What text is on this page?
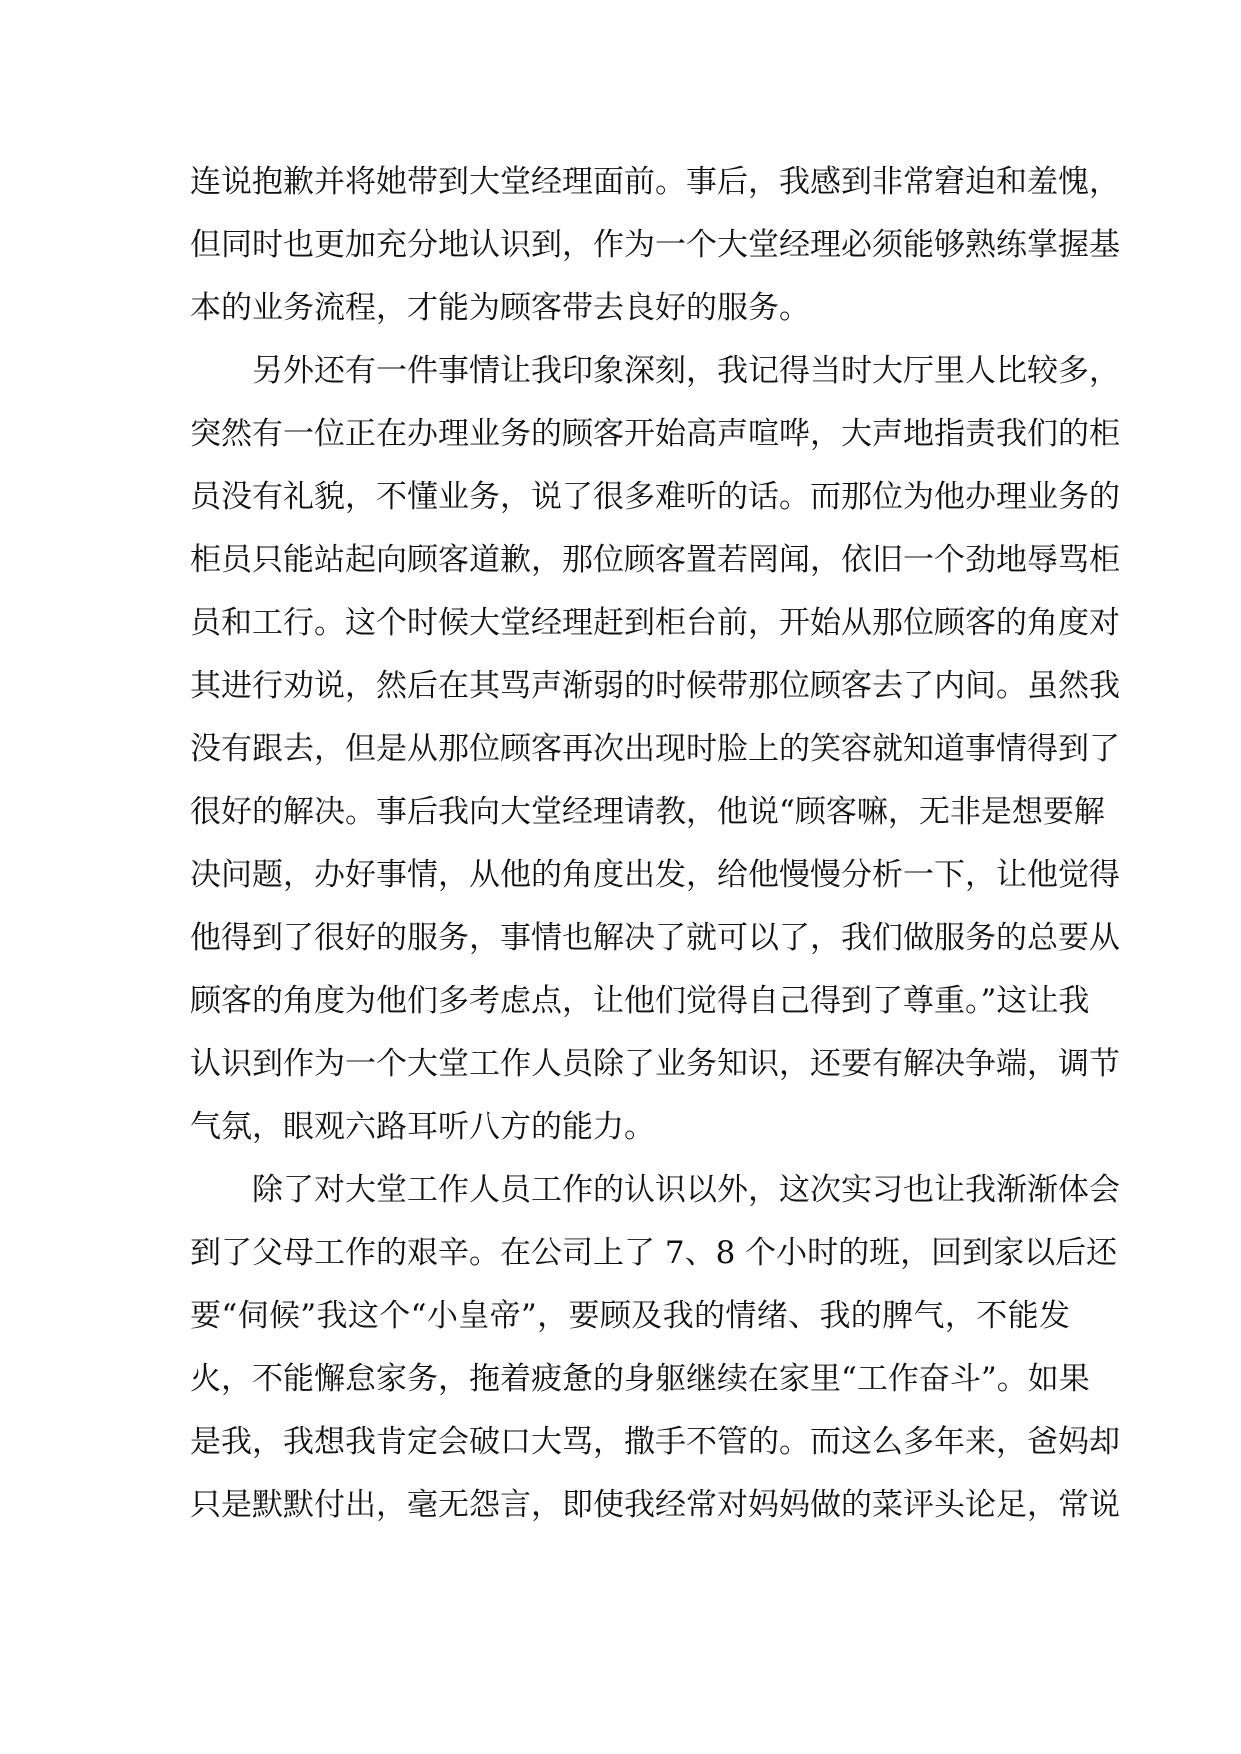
连说抱歉并将她带到大堂经理面前。事后，我感到非常窘迫和羞愧，
但同时也更加充分地认识到，作为一个大堂经理必须能够熟练掌握基
本的业务流程，才能为顾客带去良好的服务。
另外还有一件事情让我印象深刻，我记得当时大厅里人比较多，
突然有一位正在办理业务的顾客开始高声喧哗，大声地指责我们的柜
员没有礼貌，不懂业务，说了很多难听的话。而那位为他办理业务的
柜员只能站起向顾客道歉，那位顾客置若罔闻，依旧一个劲地辱骂柜
员和工行。这个时候大堂经理赶到柜台前，开始从那位顾客的角度对
其进行劝说，然后在其骂声渐弱的时候带那位顾客去了内间。虽然我
没有跟去，但是从那位顾客再次出现时脸上的笑容就知道事情得到了
很好的解决。事后我向大堂经理请教，他说“顾客嘛，无非是想要解
决问题，办好事情，从他的角度出发，给他慢慢分析一下，让他觉得
他得到了很好的服务，事情也解决了就可以了，我们做服务的总要从
顾客的角度为他们多考虑点，让他们觉得自己得到了尊重。”这让我
认识到作为一个大堂工作人员除了业务知识，还要有解决争端，调节
气氛，眼观六路耳听八方的能力。
除了对大堂工作人员工作的认识以外，这次实习也让我渐渐体会
到了父母工作的艰辛。在公司上了 7、8 个小时的班，回到家以后还
要“伺候”我这个“小皇帝”，要顾及我的情绪、我的脾气，不能发
火，不能懈怠家务，拖着疲惫的身躯继续在家里“工作奋斗”。如果
是我，我想我肯定会破口大骂，撒手不管的。而这么多年来，爸妈却
只是默默付出，毫无怨言，即使我经常对妈妈做的菜评头论足，常说
